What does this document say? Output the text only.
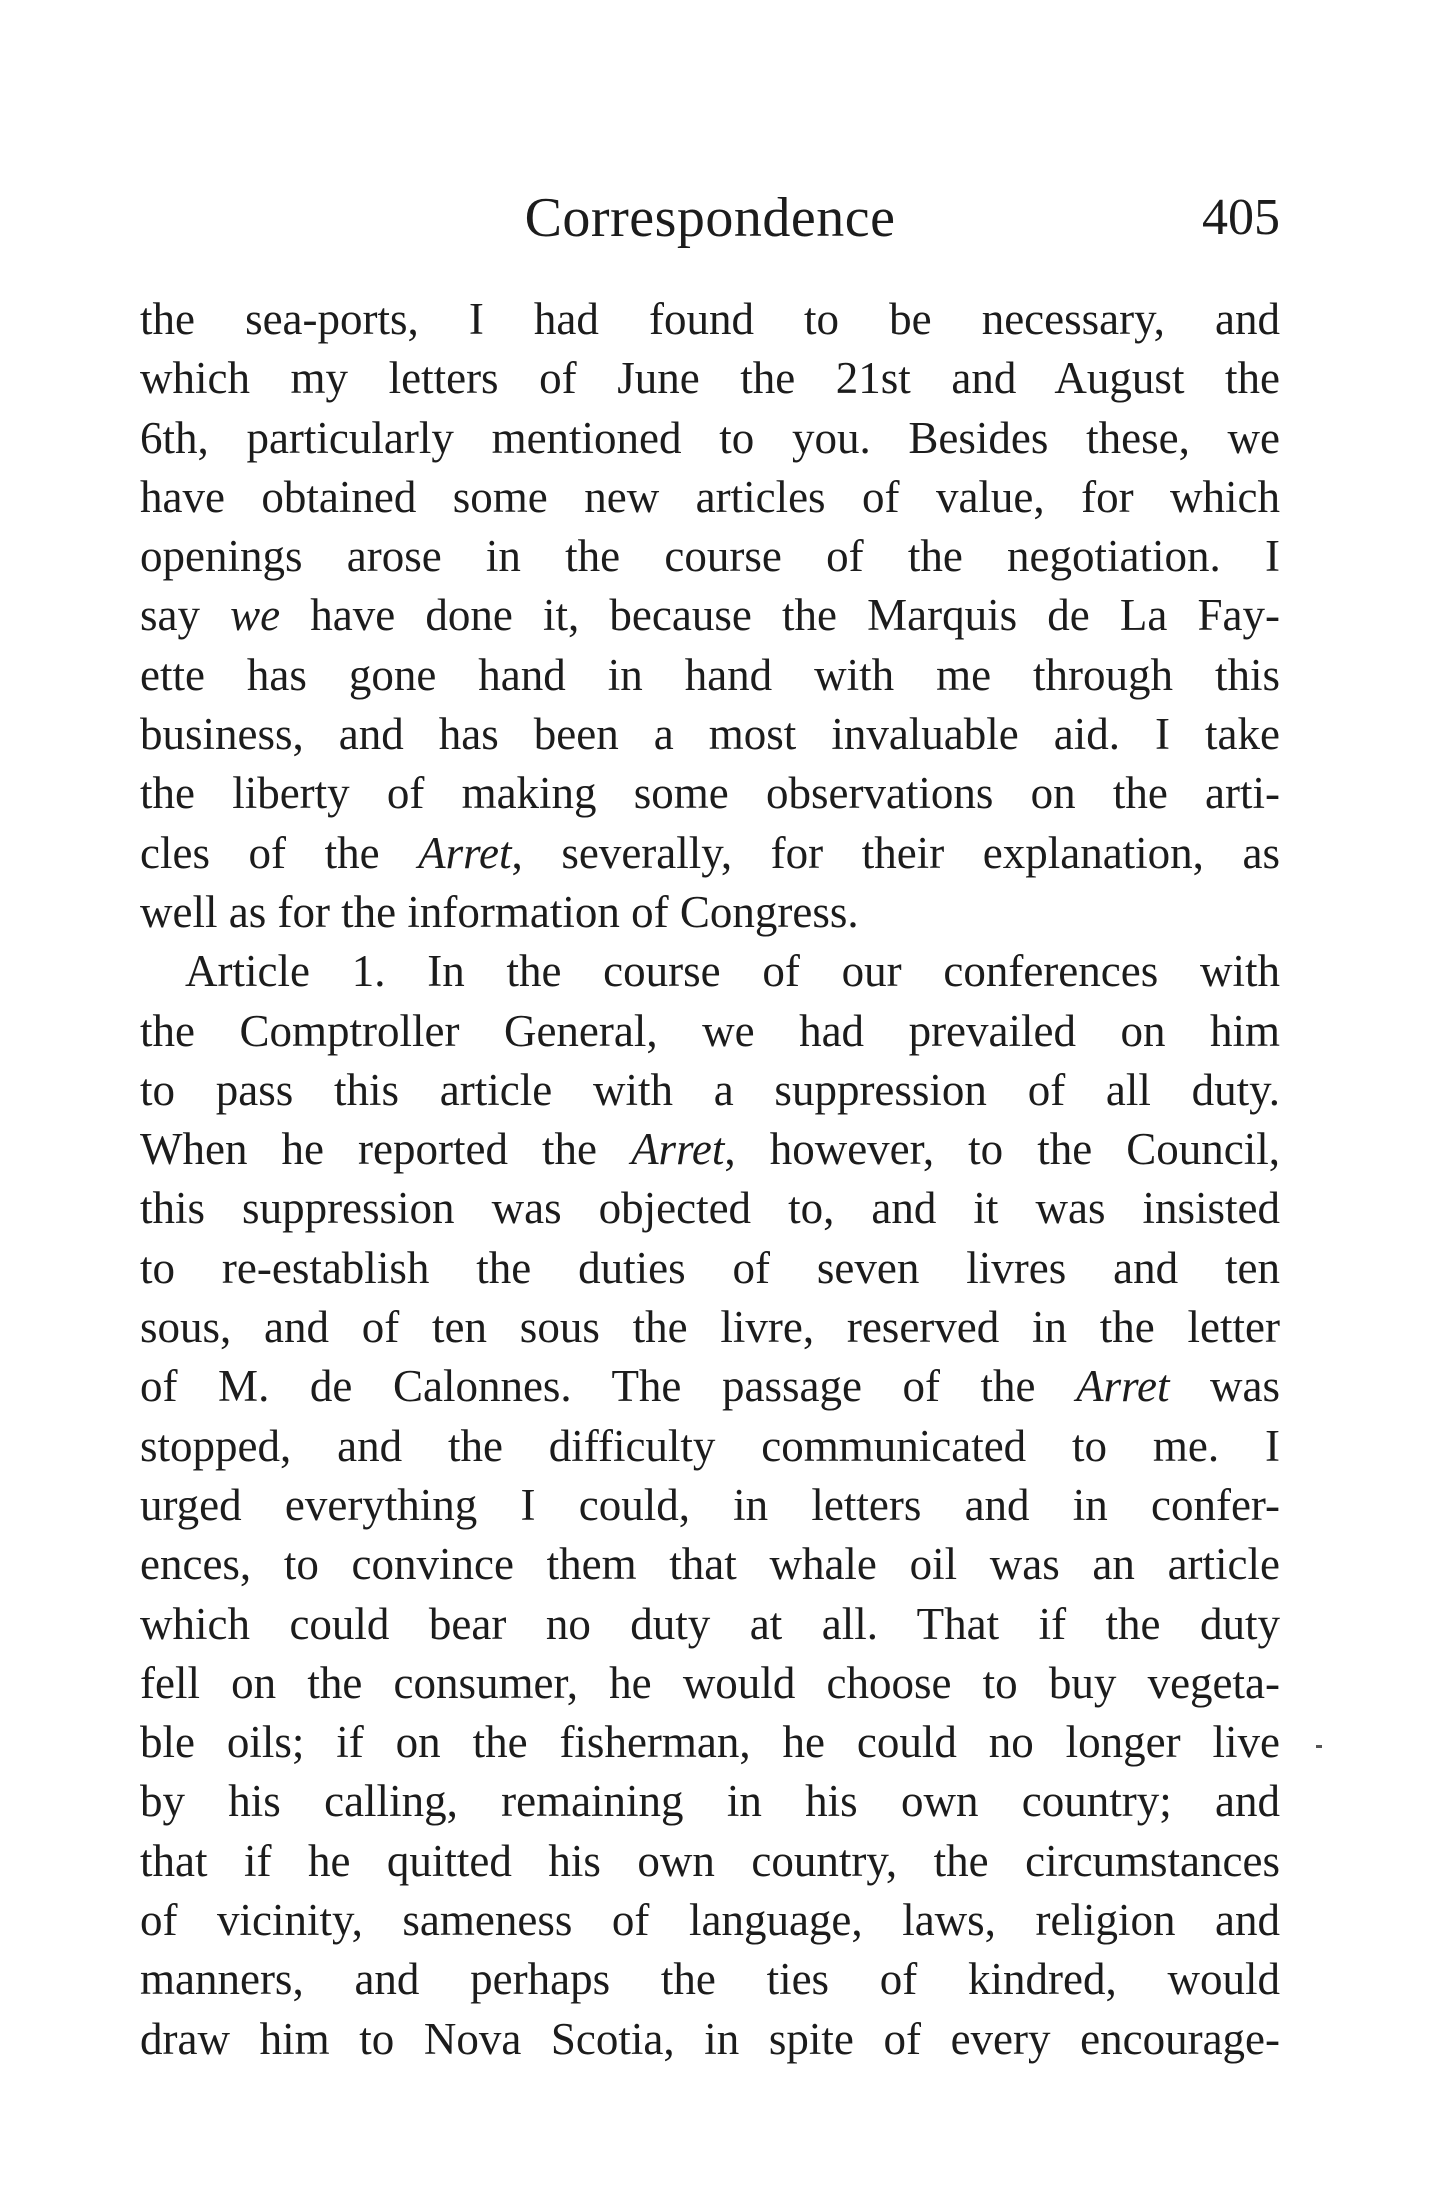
Correspondence	405
the sea-ports, I had found to be necessary, and
which my letters of June the 21st and August the
6th, particularly mentioned to you. Besides these, we
have obtained some new articles of value, for which
openings arose in the course of the negotiation. I
say we have done it, because the Marquis de La Fay-
ette has gone hand in hand with me through this
business, and has been a most invaluable aid. I take
the liberty of making some observations on the arti-
cles of the Arret, severally, for their explanation, as
well as for the information of Congress.
Article 1. In the course of our conferences with
the Comptroller General, we had prevailed on him
to pass this article with a suppression of all duty.
When he reported the Arret, however, to the Council,
this suppression was objected to, and it was insisted
to re-establish the duties of seven livres and ten
sous, and of ten sous the livre, reserved in the letter
of M. de Calonnes. The passage of the Arret was
stopped, and the difficulty communicated to me. I
urged everything I could, in letters and in confer-
ences, to convince them that whale oil was an article
which could bear no duty at all. That if the duty
fell on the consumer, he would choose to buy vegeta-
ble oils; if on the fisherman, he could no longer live
by his calling, remaining in his own country; and
that if he quitted his own country, the circumstances
of vicinity, sameness of language, laws, religion and
manners, and perhaps the ties of kindred, would
draw him to Nova Scotia, in spite of every encourage-
